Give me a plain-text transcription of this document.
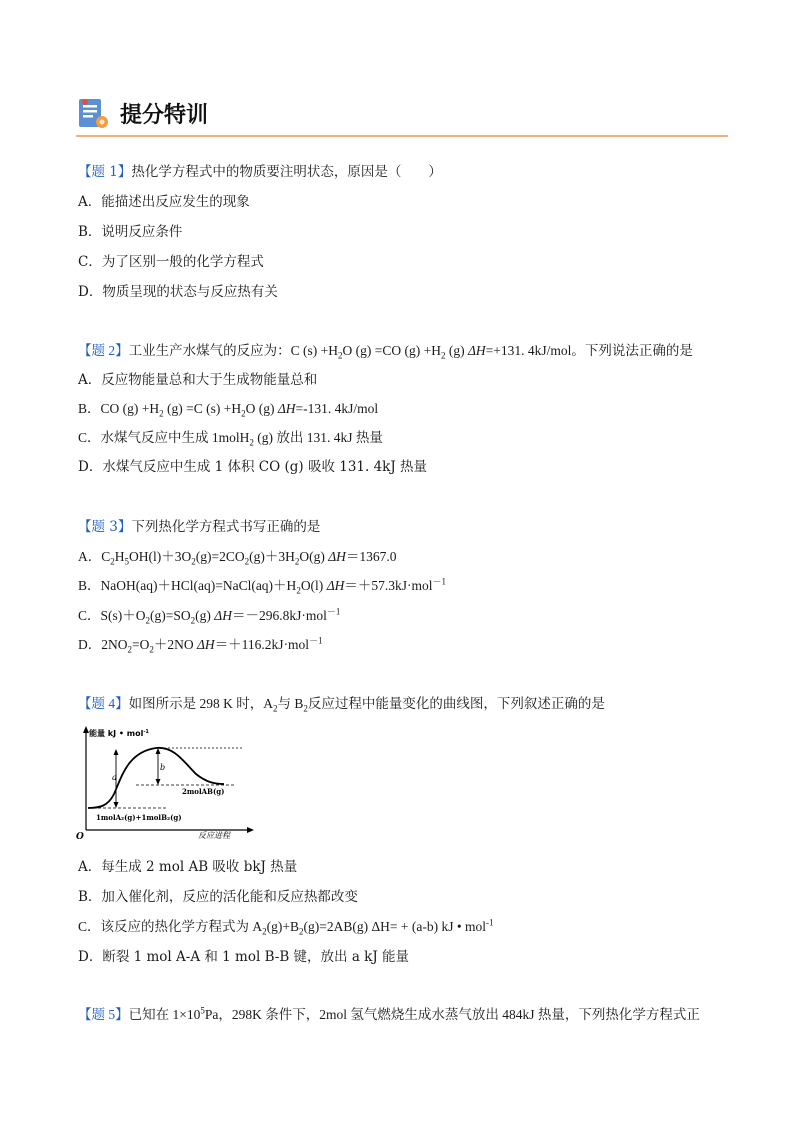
提分特训
【题 1】热化学方程式中的物质要注明状态，原因是（　　）
A．能描述出反应发生的现象
B．说明反应条件
C．为了区别一般的化学方程式
D．物质呈现的状态与反应热有关
【题 2】工业生产水煤气的反应为：C $(s) +H_2O$ (g) =CO $(g) +H_2$ (g) ΔH=+131. 4kJ/mol。下列说法正确的是
A．反应物能量总和大于生成物能量总和
B．CO $(g) +H_2$ (g) =C $(s) +H_2O$ (g) ΔH=-131. 4kJ/mol
C．水煤气反应中生成 1molH$_2$ (g) 放出 131. 4kJ 热量
D．水煤气反应中生成 1 体积 CO (g) 吸收 131. 4kJ 热量
【题 3】下列热化学方程式书写正确的是
A．$C_2H_5OH(l)+3O_2(g)=2CO_2(g)+3H_2O(g)$ ΔH＝1367.0
B．$NaOH(aq)+HCl(aq)=NaCl(aq)+H_2O(l)$ ΔH＝＋57.3kJ·mol$^{-1}$
C．$S(s)+O_2(g)=SO_2(g)$ ΔH＝－296.8kJ·mol$^{-1}$
D．$2NO_2=O_2+2NO$ ΔH＝＋116.2kJ·mol$^{-1}$
【题 4】如图所示是 298 K 时，$A_2$与 $B_2$反应过程中能量变化的曲线图，下列叙述正确的是
能量 kJ • mol$^{-1}$
O	反应进程
a
b
2molAB(g)
1molA₂(g)+1molB₂(g)
A．每生成 2 mol AB 吸收 bkJ 热量
B．加入催化剂，反应的活化能和反应热都改变
C．该反应的热化学方程式为 $A_2(g)+B_2(g)=2AB(g) \Delta H= + (a-b)$ kJ • mol$^{-1}$
D．断裂 1 mol A-A 和 1 mol B-B 键，放出 a kJ 能量
【题 5】已知在 $1\times 10^5Pa$，298K 条件下，2mol 氢气燃烧生成水蒸气放出 484kJ 热量，下列热化学方程式正
